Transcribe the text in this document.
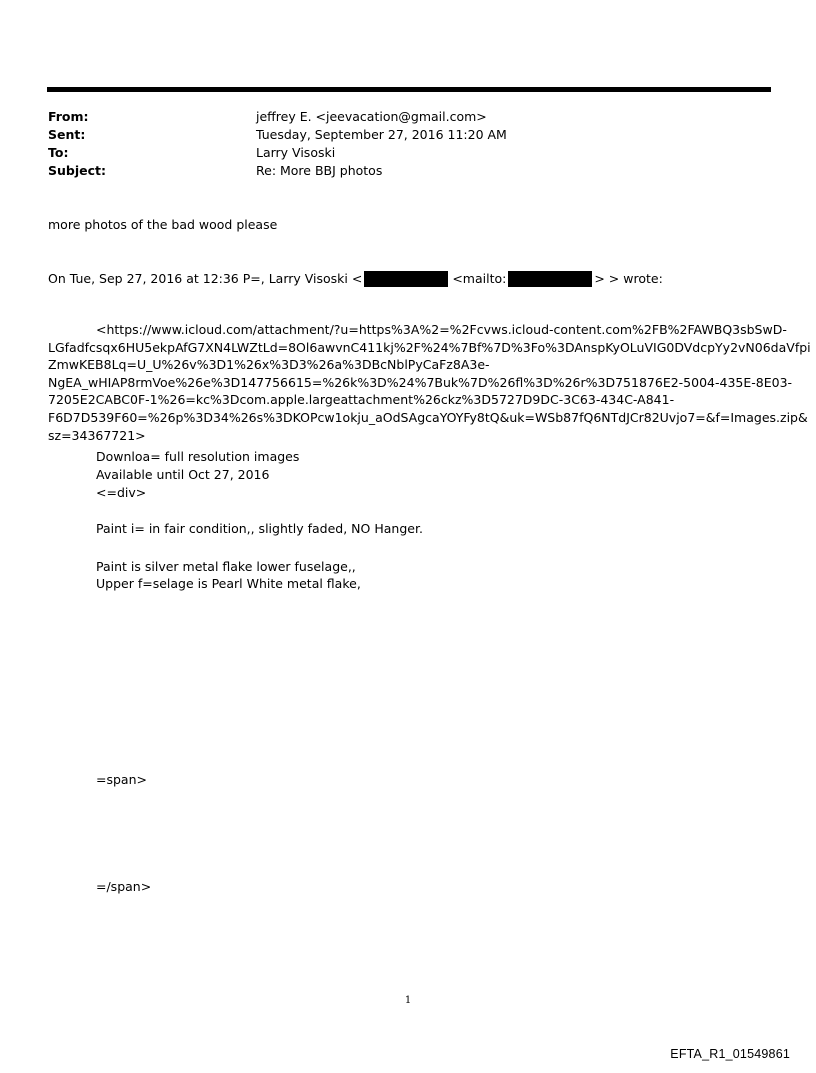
From:	jeffrey E. <jeevacation@gmail.com>
Sent:	Tuesday, September 27, 2016 11:20 AM
To:	Larry Visoski
Subject:	Re: More BBJ photos
more photos of the bad wood please
On Tue, Sep 27, 2016 at 12:36 P=, Larry Visoski <	<mailto:	> > wrote:
<https://www.icloud.com/attachment/?u=https%3A%2=%2Fcvws.icloud-content.com%2FB%2FAWBQ3sbSwD-
LGfadfcsqx6HU5ekpAfG7XN4LWZtLd=8Ol6awvnC411kj%2F%24%7Bf%7D%3Fo%3DAnspKyOLuVIG0DVdcpYy2vN06daVfpi
ZmwKEB8Lq=U_U%26v%3D1%26x%3D3%26a%3DBcNblPyCaFz8A3e-
NgEA_wHIAP8rmVoe%26e%3D147756615=%26k%3D%24%7Buk%7D%26fl%3D%26r%3D751876E2-5004-435E-8E03-
7205E2CABC0F-1%26=kc%3Dcom.apple.largeattachment%26ckz%3D5727D9DC-3C63-434C-A841-
F6D7D539F60=%26p%3D34%26s%3DKOPcw1okju_aOdSAgcaYOYFy8tQ&uk=WSb87fQ6NTdJCr82Uvjo7=&f=Images.zip&
sz=34367721>
Downloa= full resolution images
Available until Oct 27, 2016
<=div>
Paint i= in fair condition,, slightly faded, NO Hanger.
Paint is silver metal flake lower fuselage,,
Upper f=selage is Pearl White metal flake,
=span>
=/span>
1
EFTA_R1_01549861
